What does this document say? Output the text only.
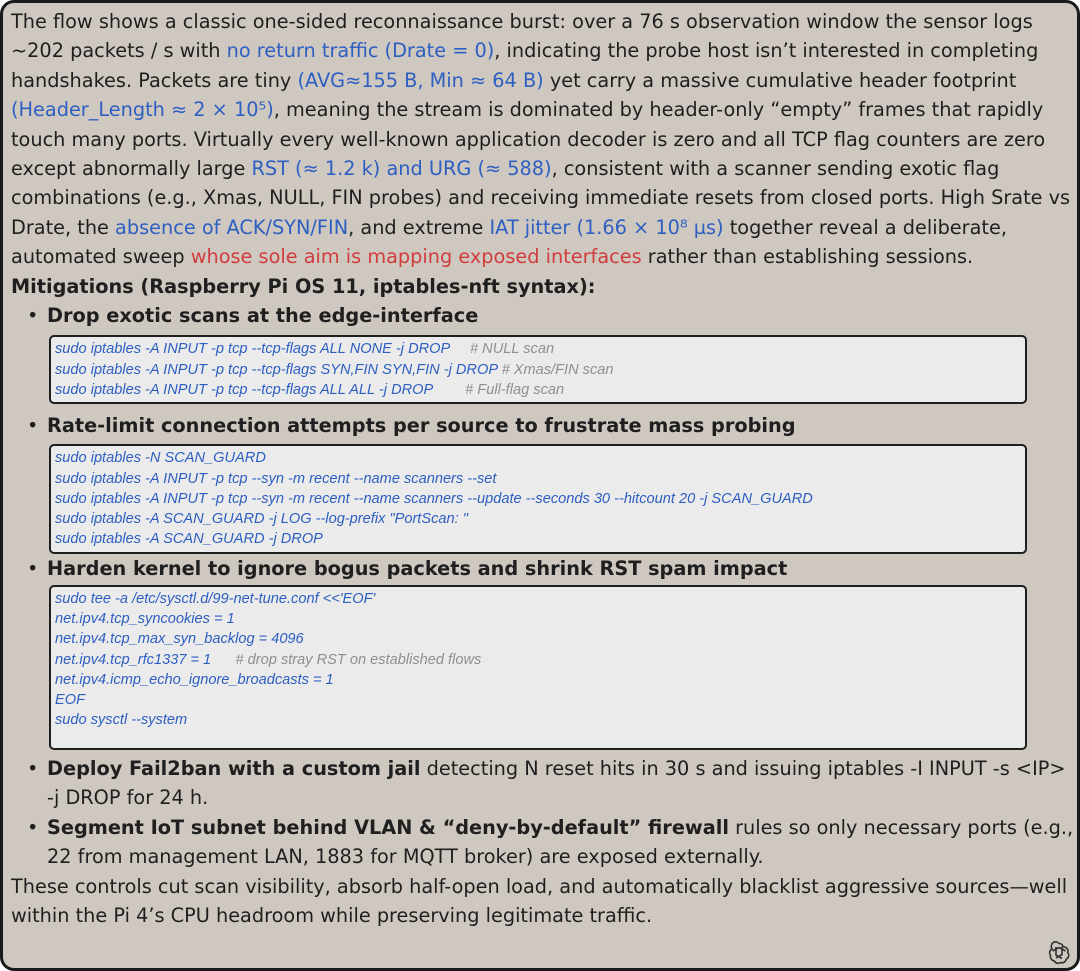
The flow shows a classic one-sided reconnaissance burst: over a 76 s observation window the sensor logs ~202 packets / s with no return traffic (Drate = 0), indicating the probe host isn’t interested in completing handshakes. Packets are tiny (AVG≈155 B, Min ≈ 64 B) yet carry a massive cumulative header footprint (Header_Length ≈ 2 × 10⁵), meaning the stream is dominated by header-only “empty” frames that rapidly touch many ports. Virtually every well-known application decoder is zero and all TCP flag counters are zero except abnormally large RST (≈ 1.2 k) and URG (≈ 588), consistent with a scanner sending exotic flag combinations (e.g., Xmas, NULL, FIN probes) and receiving immediate resets from closed ports. High Srate vs Drate, the absence of ACK/SYN/FIN, and extreme IAT jitter (1.66 × 10⁸ µs) together reveal a deliberate, automated sweep whose sole aim is mapping exposed interfaces rather than establishing sessions.

Mitigations (Raspberry Pi OS 11, iptables-nft syntax):

• Drop exotic scans at the edge-interface

sudo iptables -A INPUT -p tcp --tcp-flags ALL NONE -j DROP # NULL scan
sudo iptables -A INPUT -p tcp --tcp-flags SYN,FIN SYN,FIN -j DROP # Xmas/FIN scan
sudo iptables -A INPUT -p tcp --tcp-flags ALL ALL -j DROP # Full-flag scan

• Rate-limit connection attempts per source to frustrate mass probing

sudo iptables -N SCAN_GUARD
sudo iptables -A INPUT -p tcp --syn -m recent --name scanners --set
sudo iptables -A INPUT -p tcp --syn -m recent --name scanners --update --seconds 30 --hitcount 20 -j SCAN_GUARD
sudo iptables -A SCAN_GUARD -j LOG --log-prefix "PortScan: "
sudo iptables -A SCAN_GUARD -j DROP

• Harden kernel to ignore bogus packets and shrink RST spam impact

sudo tee -a /etc/sysctl.d/99-net-tune.conf <<'EOF'
net.ipv4.tcp_syncookies = 1
net.ipv4.tcp_max_syn_backlog = 4096
net.ipv4.tcp_rfc1337 = 1 # drop stray RST on established flows
net.ipv4.icmp_echo_ignore_broadcasts = 1
EOF
sudo sysctl --system

• Deploy Fail2ban with a custom jail detecting N reset hits in 30 s and issuing iptables -I INPUT -s <IP> -j DROP for 24 h.

• Segment IoT subnet behind VLAN & “deny-by-default” firewall rules so only necessary ports (e.g., 22 from management LAN, 1883 for MQTT broker) are exposed externally.

These controls cut scan visibility, absorb half-open load, and automatically blacklist aggressive sources—well within the Pi 4’s CPU headroom while preserving legitimate traffic.
